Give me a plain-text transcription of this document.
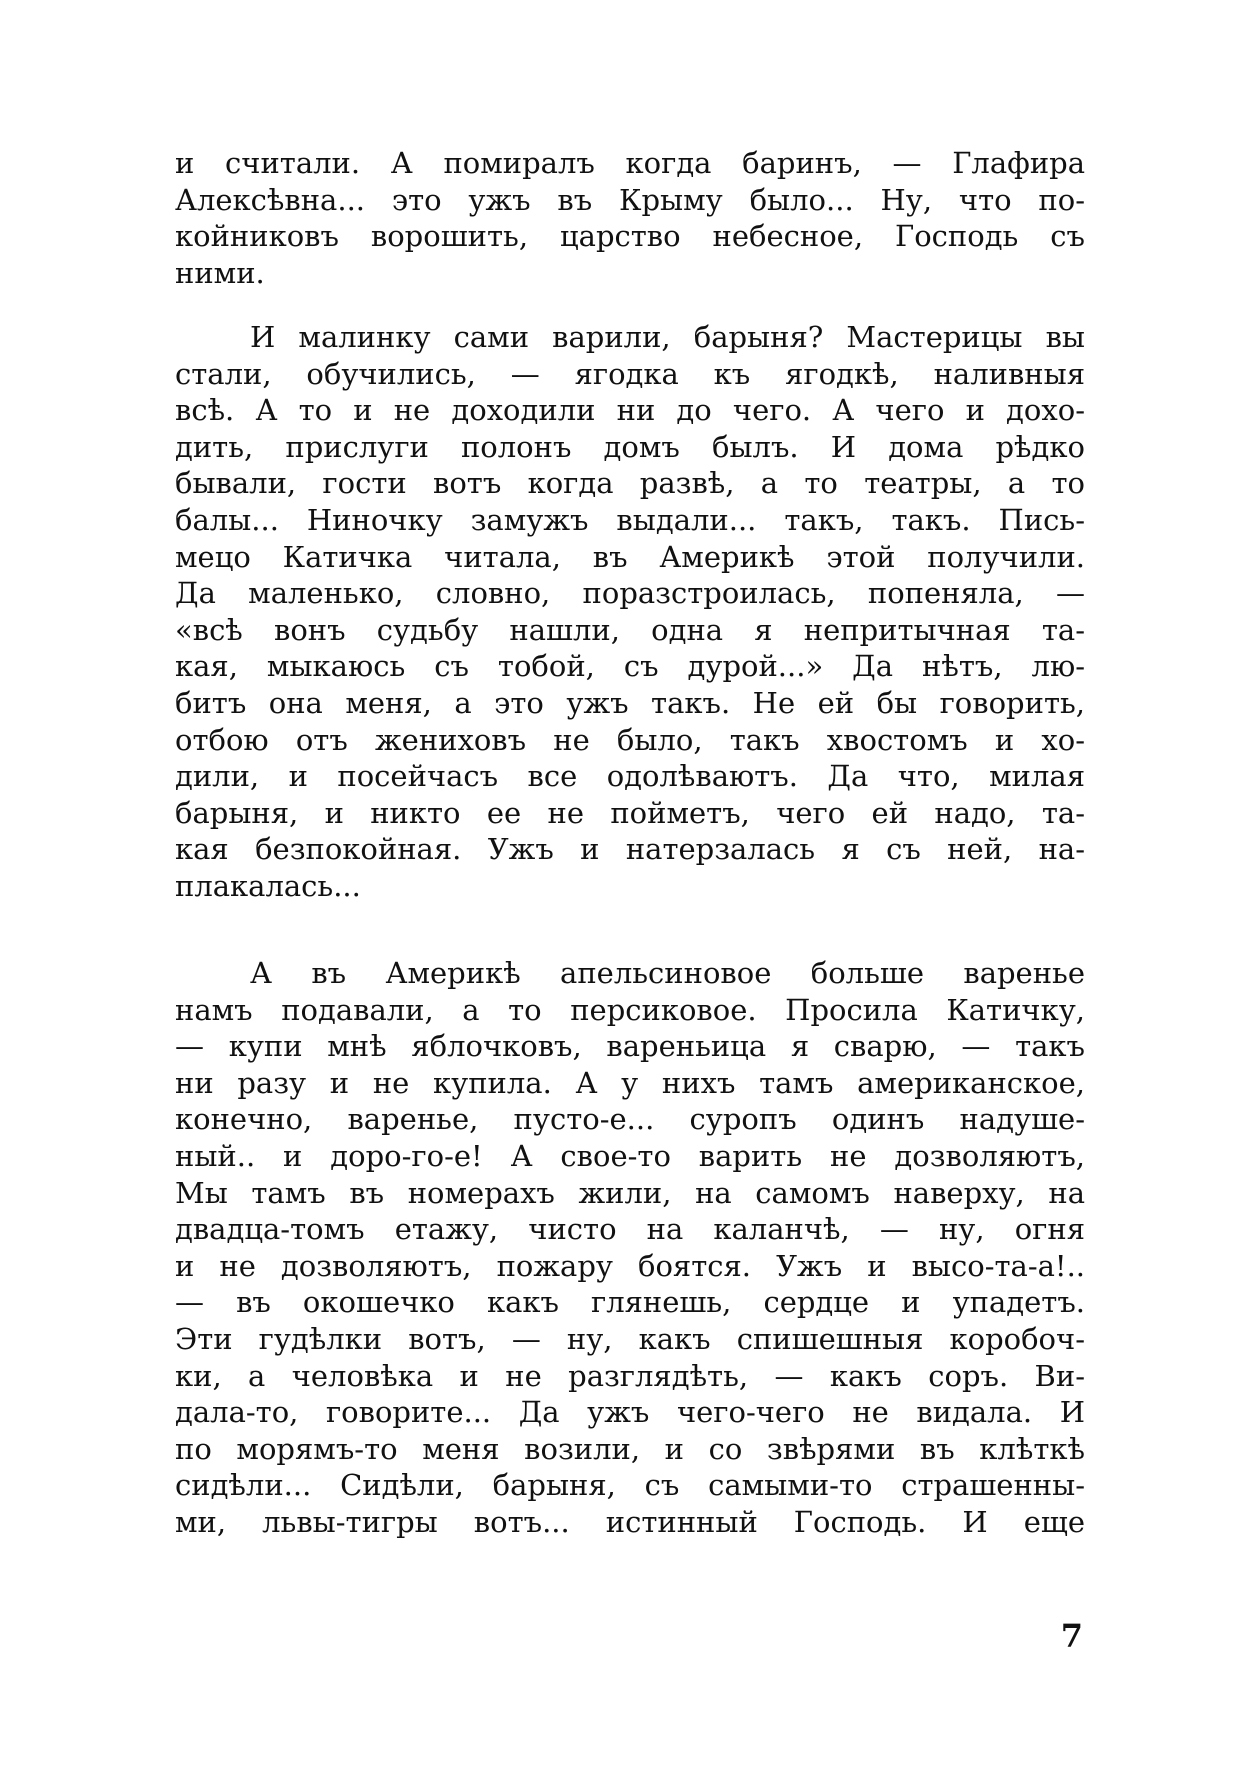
и считали. А помиралъ когда баринъ, — Глафира
Алексѣвна... это ужъ въ Крыму было... Ну, что по-
койниковъ ворошить, царство небесное, Господь съ
ними.
И малинку сами варили, барыня? Мастерицы вы
стали, обучились, — ягодка къ ягодкѣ, наливныя
всѣ. А то и не доходили ни до чего. А чего и дохо-
дить, прислуги полонъ домъ былъ. И дома рѣдко
бывали, гости вотъ когда развѣ, а то театры, а то
балы... Ниночку замужъ выдали... такъ, такъ. Пись-
мецо Катичка читала, въ Америкѣ этой получили.
Да маленько, словно, поразстроилась, попеняла, —
«всѣ вонъ судьбу нашли, одна я непритычная та-
кая, мыкаюсь съ тобой, съ дурой...» Да нѣтъ, лю-
битъ она меня, а это ужъ такъ. Не ей бы говорить,
отбою отъ жениховъ не было, такъ хвостомъ и хо-
дили, и посейчасъ все одолѣваютъ. Да что, милая
барыня, и никто ее не пойметъ, чего ей надо, та-
кая безпокойная. Ужъ и натерзалась я съ ней, на-
плакалась...
А въ Америкѣ апельсиновое больше варенье
намъ подавали, а то персиковое. Просила Катичку,
— купи мнѣ яблочковъ, вареньица я сварю, — такъ
ни разу и не купила. А у нихъ тамъ американское,
конечно, варенье, пусто-е... суропъ одинъ надуше-
ный.. и доро-го-е! А свое-то варить не дозволяютъ,
Мы тамъ въ номерахъ жили, на самомъ наверху, на
двадца-томъ етажу, чисто на каланчѣ, — ну, огня
и не дозволяютъ, пожару боятся. Ужъ и высо-та-а!..
— въ окошечко какъ глянешь, сердце и упадетъ.
Эти гудѣлки вотъ, — ну, какъ спишешныя коробоч-
ки, а человѣка и не разглядѣть, — какъ соръ. Ви-
дала-то, говорите... Да ужъ чего-чего не видала. И
по морямъ-то меня возили, и со звѣрями въ клѣткѣ
сидѣли... Сидѣли, барыня, съ самыми-то страшенны-
ми, львы-тигры вотъ... истинный Господь. И еще
7
